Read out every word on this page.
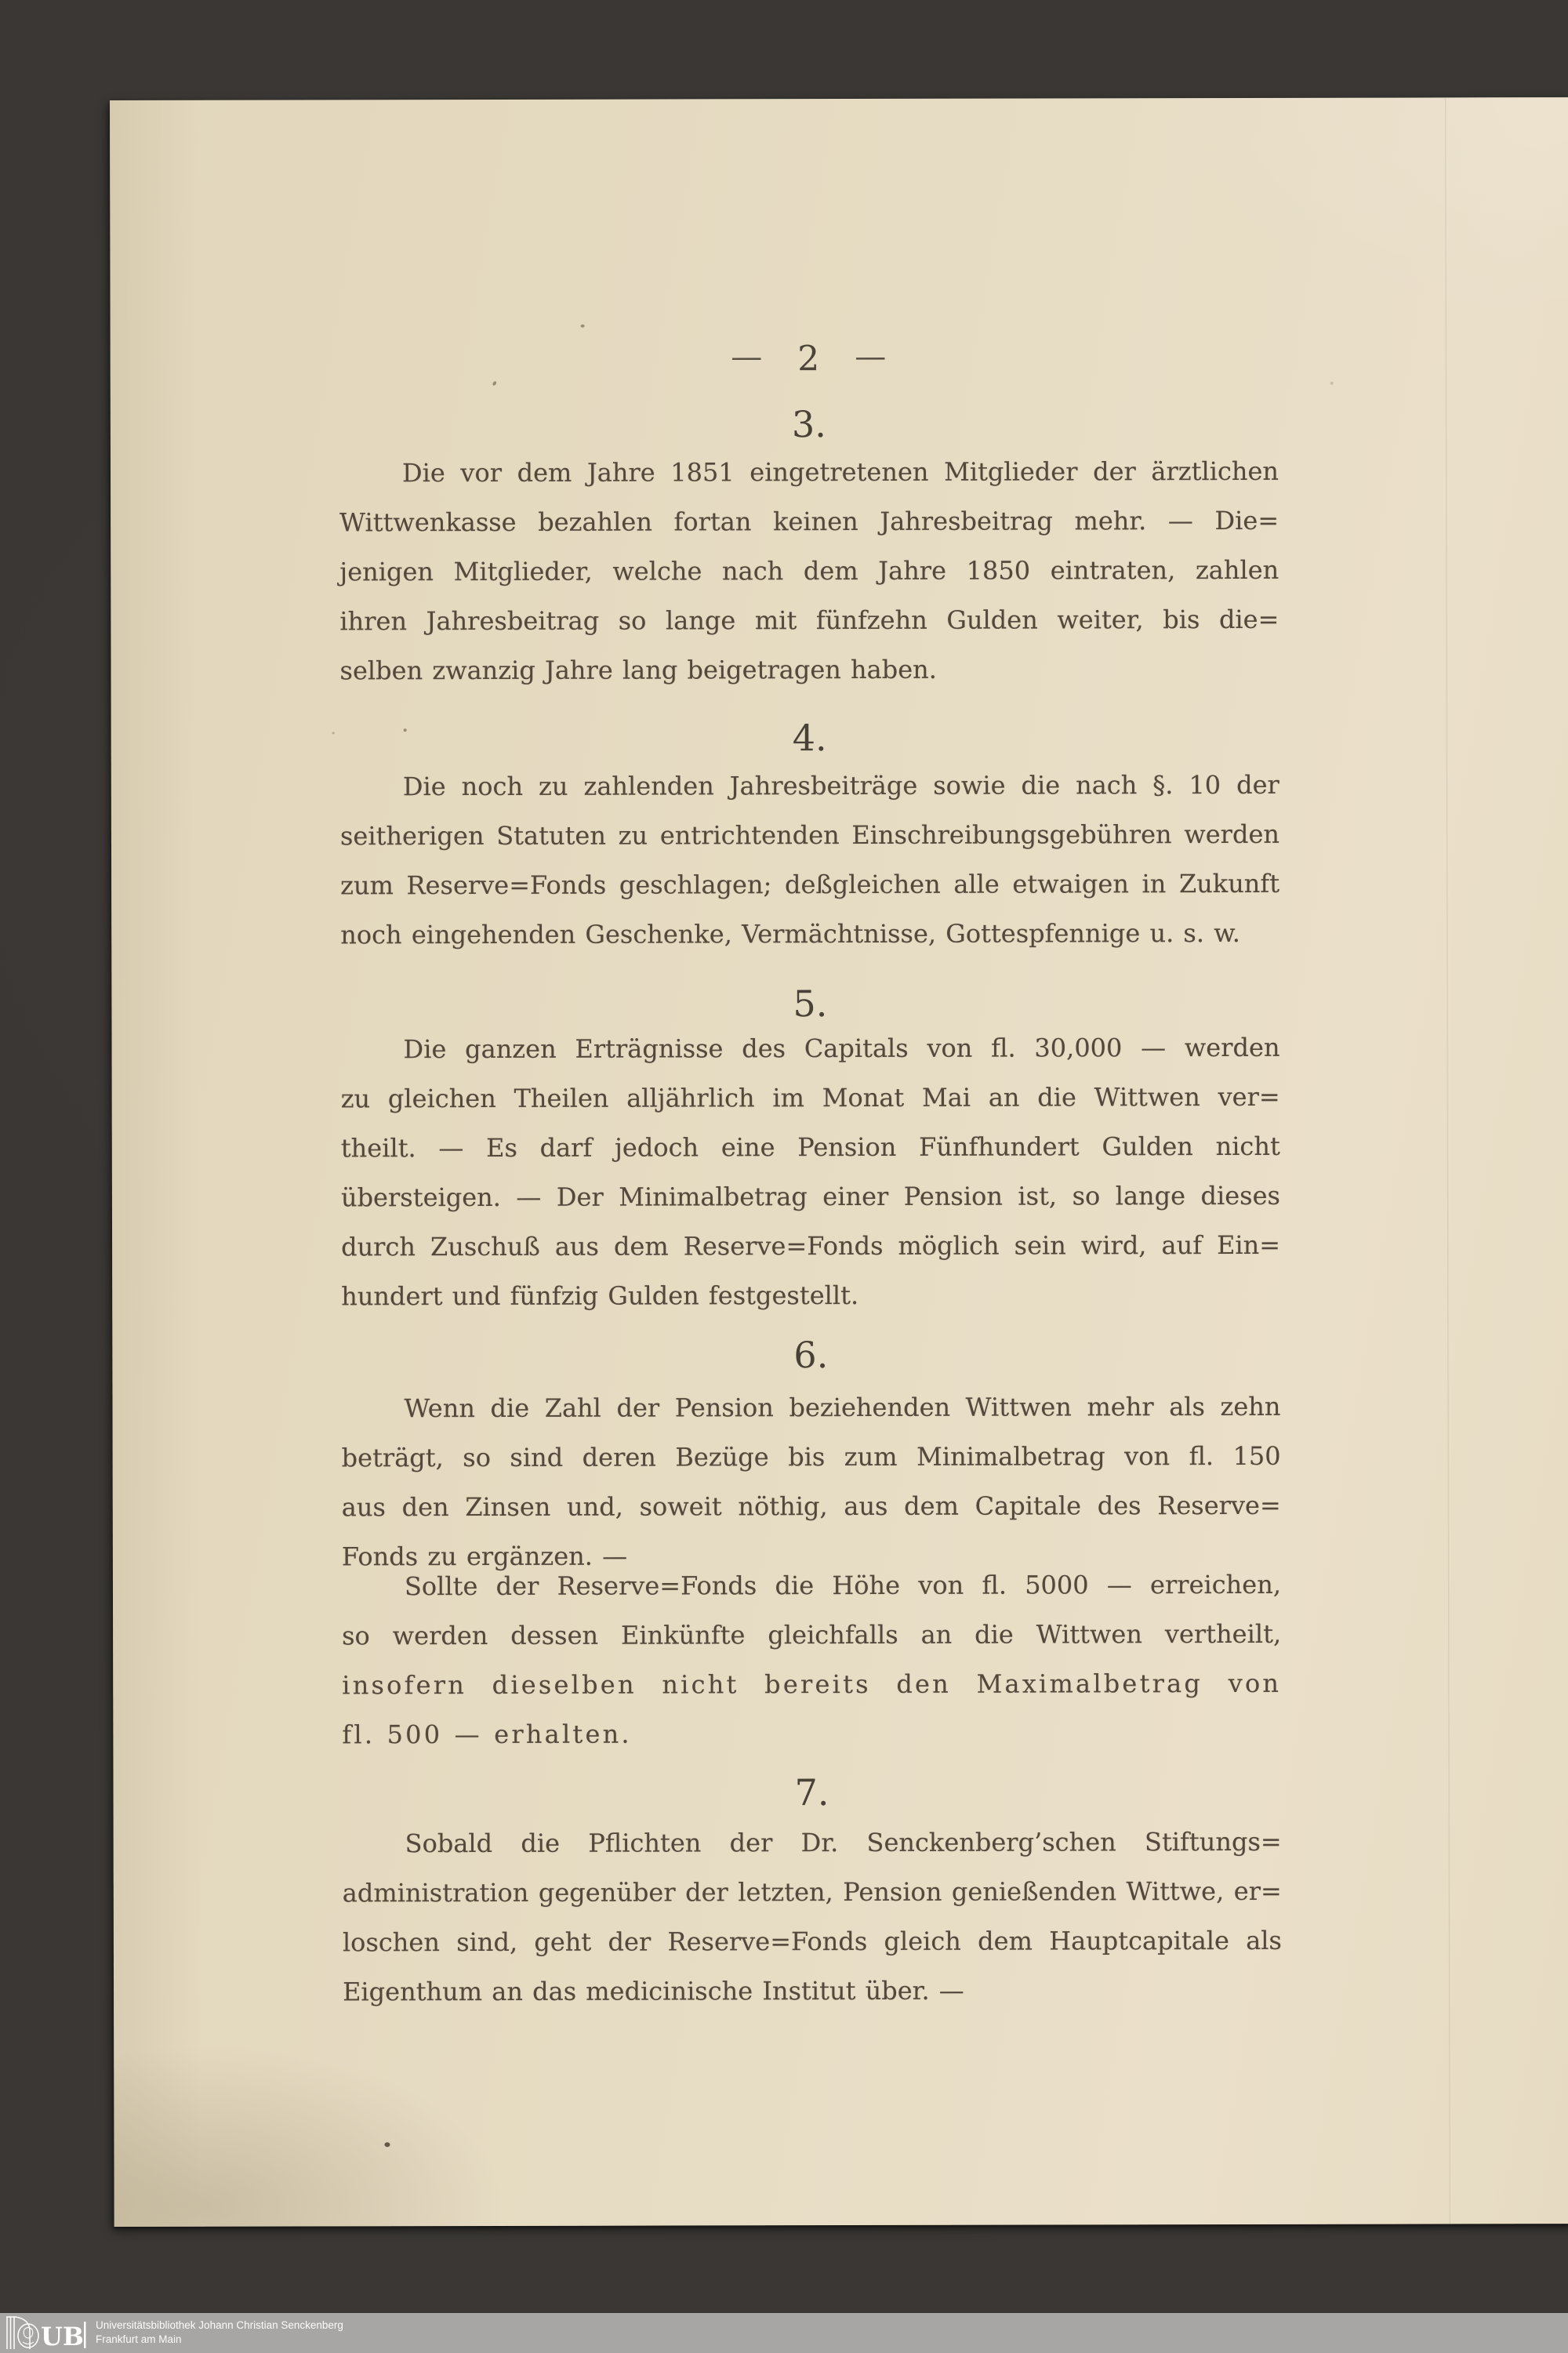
— 2 —
3.
Die vor dem Jahre 1851 eingetretenen Mitglieder der ärztlichen
Wittwenkasse bezahlen fortan keinen Jahresbeitrag mehr. — Die=
jenigen Mitglieder, welche nach dem Jahre 1850 eintraten, zahlen
ihren Jahresbeitrag so lange mit fünfzehn Gulden weiter, bis die=
selben zwanzig Jahre lang beigetragen haben.
4.
Die noch zu zahlenden Jahresbeiträge sowie die nach §. 10 der
seitherigen Statuten zu entrichtenden Einschreibungsgebühren werden
zum Reserve=Fonds geschlagen; deßgleichen alle etwaigen in Zukunft
noch eingehenden Geschenke, Vermächtnisse, Gottespfennige u. s. w.
5.
Die ganzen Erträgnisse des Capitals von fl. 30,000 — werden
zu gleichen Theilen alljährlich im Monat Mai an die Wittwen ver=
theilt. — Es darf jedoch eine Pension Fünfhundert Gulden nicht
übersteigen. — Der Minimalbetrag einer Pension ist, so lange dieses
durch Zuschuß aus dem Reserve=Fonds möglich sein wird, auf Ein=
hundert und fünfzig Gulden festgestellt.
6.
Wenn die Zahl der Pension beziehenden Wittwen mehr als zehn
beträgt, so sind deren Bezüge bis zum Minimalbetrag von fl. 150
aus den Zinsen und, soweit nöthig, aus dem Capitale des Reserve=
Fonds zu ergänzen. —
Sollte der Reserve=Fonds die Höhe von fl. 5000 — erreichen,
so werden dessen Einkünfte gleichfalls an die Wittwen vertheilt,
insofern dieselben nicht bereits den Maximalbetrag von
fl. 500 — erhalten.
7.
Sobald die Pflichten der Dr. Senckenberg’schen Stiftungs=
administration gegenüber der letzten, Pension genießenden Wittwe, er=
loschen sind, geht der Reserve=Fonds gleich dem Hauptcapitale als
Eigenthum an das medicinische Institut über. —
UB Universitätsbibliothek Johann Christian Senckenberg
Frankfurt am Main
